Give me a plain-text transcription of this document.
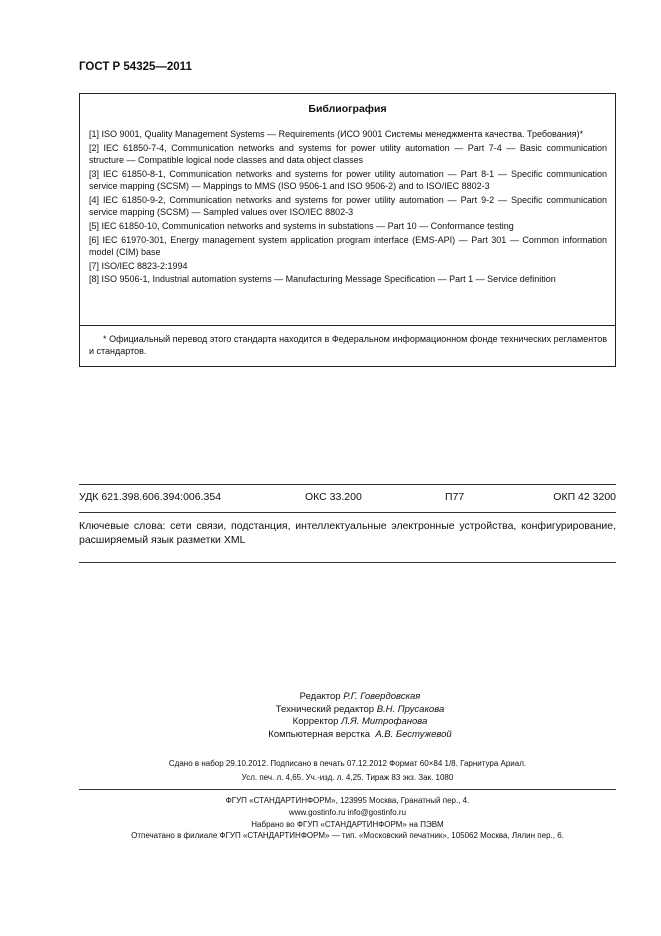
ГОСТ Р 54325—2011
Библиография
[1] ISO 9001, Quality Management Systems — Requirements (ИСО 9001 Системы менеджмента качества. Требования)*
[2] IEC 61850-7-4, Communication networks and systems for power utility automation — Part 7-4 — Basic communication structure — Compatible logical node classes and data object classes
[3] IEC 61850-8-1, Communication networks and systems for power utility automation — Part 8-1 — Specific communication service mapping (SCSM) — Mappings to MMS (ISO 9506-1 and ISO 9506-2) and to ISO/IEC 8802-3
[4] IEC 61850-9-2, Communication networks and systems for power utility automation — Part 9-2 — Specific communication service mapping (SCSM) — Sampled values over ISO/IEC 8802-3
[5] IEC 61850-10, Communication networks and systems in substations — Part 10 — Conformance testing
[6] IEC 61970-301, Energy management system application program interface (EMS-API) — Part 301 — Common information model (CIM) base
[7] ISO/IEC 8823-2:1994
[8] ISO 9506-1, Industrial automation systems — Manufacturing Message Specification — Part 1 — Service definition
* Официальный перевод этого стандарта находится в Федеральном информационном фонде технических регламентов и стандартов.
УДК 621.398.606.394:006.354	ОКС 33.200	П77	ОКП 42 3200
Ключевые слова: сети связи, подстанция, интеллектуальные электронные устройства, конфигурирование, расширяемый язык разметки XML
Редактор Р.Г. Говердовская
Технический редактор В.Н. Прусакова
Корректор Л.Я. Митрофанова
Компьютерная верстка А.В. Бестужевой
Сдано в набор 29.10.2012. Подписано в печать 07.12.2012 Формат 60×84 1/8. Гарнитура Ариал.
Усл. печ. л. 4,65. Уч.-изд. л. 4,25. Тираж 83 экз. Зак. 1080
ФГУП «СТАНДАРТИНФОРМ», 123995 Москва, Гранатный пер., 4.
www.gostinfo.ru info@gostinfo.ru
Набрано во ФГУП «СТАНДАРТИНФОРМ» на ПЭВМ
Отпечатано в филиале ФГУП «СТАНДАРТИНФОРМ» — тип. «Московский печатник», 105062 Москва, Лялин пер., 6.
